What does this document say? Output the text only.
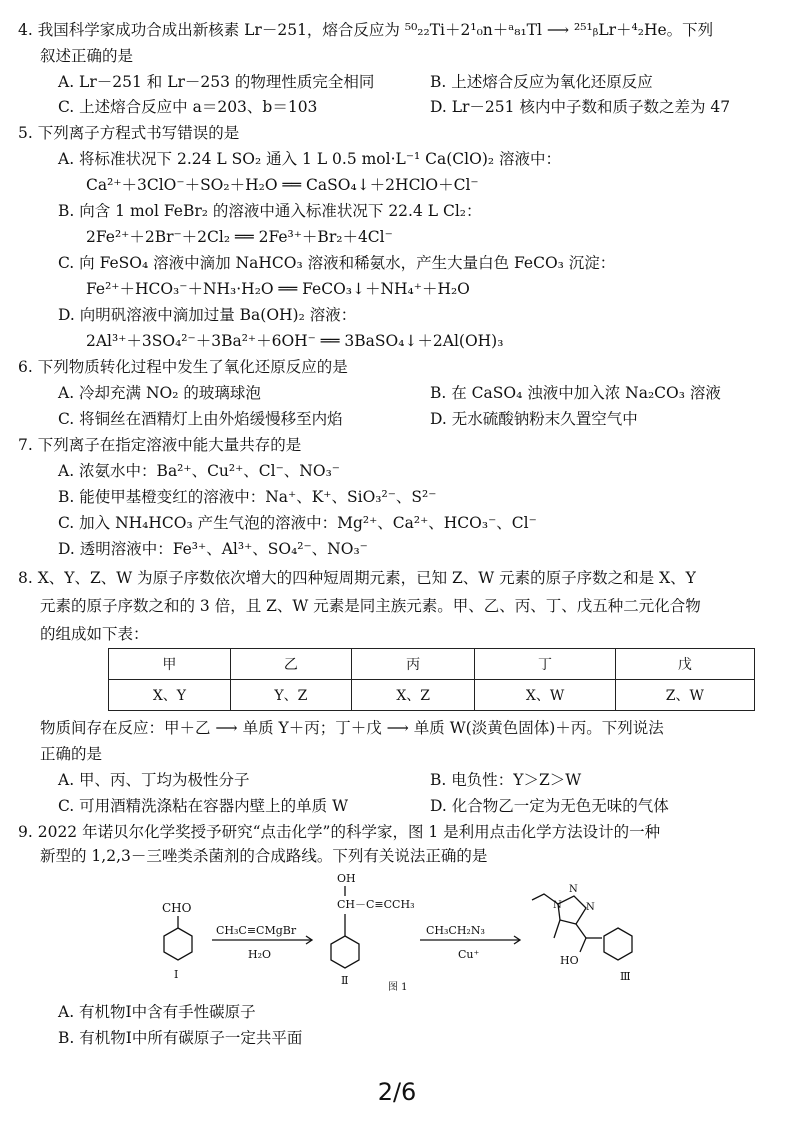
4. 我国科学家成功合成出新核素 Lr－251，熔合反应为 ⁵⁰₂₂Ti＋2¹₀n＋ᵃ₈₁Tl ⟶ ²⁵¹ᵦLr＋⁴₂He。下列
叙述正确的是
A. Lr－251 和 Lr－253 的物理性质完全相同	B. 上述熔合反应为氧化还原反应
C. 上述熔合反应中 a＝203、b＝103	D. Lr－251 核内中子数和质子数之差为 47
5. 下列离子方程式书写错误的是
A. 将标准状况下 2.24 L SO₂ 通入 1 L 0.5 mol·L⁻¹ Ca(ClO)₂ 溶液中：
Ca²⁺＋3ClO⁻＋SO₂＋H₂O ══ CaSO₄↓＋2HClO＋Cl⁻
B. 向含 1 mol FeBr₂ 的溶液中通入标准状况下 22.4 L Cl₂：
2Fe²⁺＋2Br⁻＋2Cl₂ ══ 2Fe³⁺＋Br₂＋4Cl⁻
C. 向 FeSO₄ 溶液中滴加 NaHCO₃ 溶液和稀氨水，产生大量白色 FeCO₃ 沉淀：
Fe²⁺＋HCO₃⁻＋NH₃·H₂O ══ FeCO₃↓＋NH₄⁺＋H₂O
D. 向明矾溶液中滴加过量 Ba(OH)₂ 溶液：
2Al³⁺＋3SO₄²⁻＋3Ba²⁺＋6OH⁻ ══ 3BaSO₄↓＋2Al(OH)₃
6. 下列物质转化过程中发生了氧化还原反应的是
A. 冷却充满 NO₂ 的玻璃球泡	B. 在 CaSO₄ 浊液中加入浓 Na₂CO₃ 溶液
C. 将铜丝在酒精灯上由外焰缓慢移至内焰	D. 无水硫酸钠粉末久置空气中
7. 下列离子在指定溶液中能大量共存的是
A. 浓氨水中：Ba²⁺、Cu²⁺、Cl⁻、NO₃⁻
B. 能使甲基橙变红的溶液中：Na⁺、K⁺、SiO₃²⁻、S²⁻
C. 加入 NH₄HCO₃ 产生气泡的溶液中：Mg²⁺、Ca²⁺、HCO₃⁻、Cl⁻
D. 透明溶液中：Fe³⁺、Al³⁺、SO₄²⁻、NO₃⁻
8. X、Y、Z、W 为原子序数依次增大的四种短周期元素，已知 Z、W 元素的原子序数之和是 X、Y
元素的原子序数之和的 3 倍，且 Z、W 元素是同主族元素。甲、乙、丙、丁、戊五种二元化合物
的组成如下表：
甲	乙	丙	丁	戊
X、Y	Y、Z	X、Z	X、W	Z、W
物质间存在反应：甲＋乙 ⟶ 单质 Y＋丙；丁＋戊 ⟶ 单质 W(淡黄色固体)＋丙。下列说法
正确的是
A. 甲、丙、丁均为极性分子	B. 电负性：Y＞Z＞W
C. 可用酒精洗涤粘在容器内壁上的单质 W	D. 化合物乙一定为无色无味的气体
9. 2022 年诺贝尔化学奖授予研究“点击化学”的科学家，图 1 是利用点击化学方法设计的一种
新型的 1,2,3－三唑类杀菌剂的合成路线。下列有关说法正确的是
CHO
Ⅰ
CH₃C≡CMgBr
H₂O
OH
CH－C≡CCH₃
Ⅱ
CH₃CH₂N₃
Cu⁺
N
N
N
HO
Ⅲ
图 1
A. 有机物Ⅰ中含有手性碳原子
B. 有机物Ⅰ中所有碳原子一定共平面
2/6
